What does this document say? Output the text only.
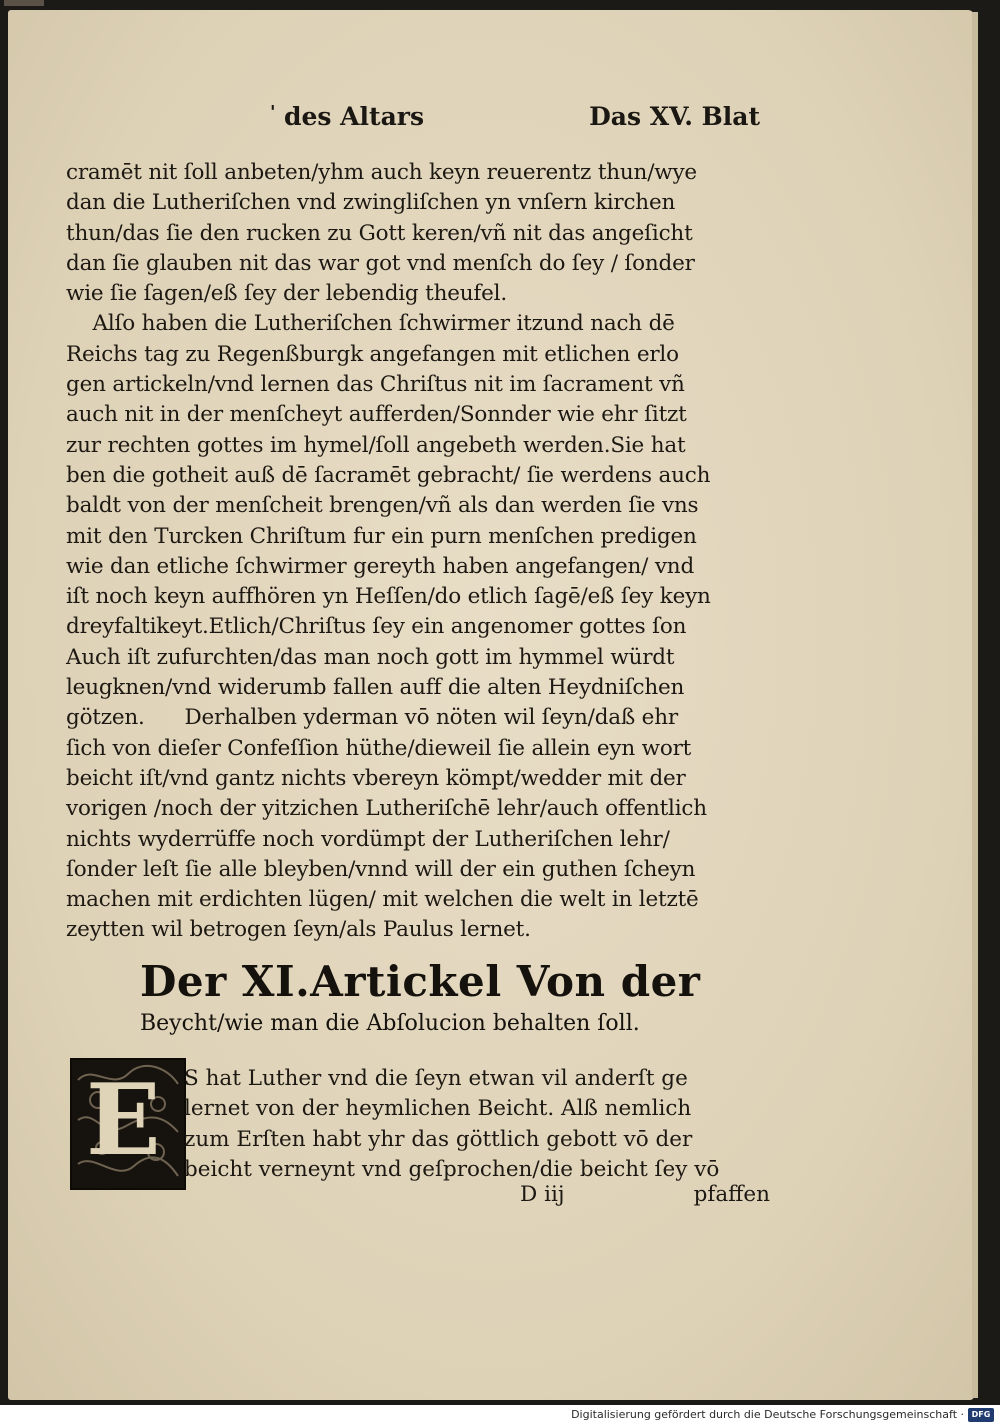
' des Altars	Das XV. Blat
cramēt nit ſoll anbeten/yhm auch keyn reuerentz thun/wye
dan die Lutheriſchen vnd zwingliſchen yn vnſern kirchen
thun/das ſie den rucken zu Gott keren/vñ nit das angeſicht
dan ſie glauben nit das war got vnd menſch do ſey / ſonder
wie ſie ſagen/eß ſey der lebendig theufel.
Alſo haben die Lutheriſchen ſchwirmer itzund nach dē
Reichs tag zu Regenßburgk angefangen mit etlichen erlo
gen artickeln/vnd lernen das Chriſtus nit im ſacrament vñ
auch nit in der menſcheyt aufferden/Sonnder wie ehr ſitzt
zur rechten gottes im hymel/ſoll angebeth werden.Sie hat
ben die gotheit auß dē ſacramēt gebracht/ ſie werdens auch
baldt von der menſcheit brengen/vñ als dan werden ſie vns
mit den Turcken Chriſtum fur ein purn menſchen predigen
wie dan etliche ſchwirmer gereyth haben angefangen/ vnd
iſt noch keyn auffhören yn Heſſen/do etlich ſagē/eß ſey keyn
dreyfaltikeyt.Etlich/Chriſtus ſey ein angenomer gottes ſon
Auch iſt zufurchten/das man noch gott im hymmel würdt
leugknen/vnd widerumb fallen auff die alten Heydniſchen
götzen.      Derhalben yderman vō nöten wil ſeyn/daß ehr
ſich von dieſer Confeſſion hüthe/dieweil ſie allein eyn wort
beicht iſt/vnd gantz nichts vbereyn kömpt/wedder mit der
vorigen /noch der yitzichen Lutheriſchē lehr/auch offentlich
nichts wyderrüffe noch vordümpt der Lutheriſchen lehr/
ſonder leſt ſie alle bleyben/vnnd will der ein guthen ſcheyn
machen mit erdichten lügen/ mit welchen die welt in letztē
zeytten wil betrogen ſeyn/als Paulus lernet.
Der XI.Artickel Von der
Beycht/wie man die Abſolucion behalten ſoll.
E S hat Luther vnd die ſeyn etwan vil anderſt ge
lernet von der heymlichen Beicht. Alß nemlich
zum Erſten habt yhr das göttlich gebott vō der
beicht verneynt vnd geſprochen/die beicht ſey vō
D iij	pfaffen
Digitalisierung gefördert durch die Deutsche Forschungsgemeinschaft · DFG
